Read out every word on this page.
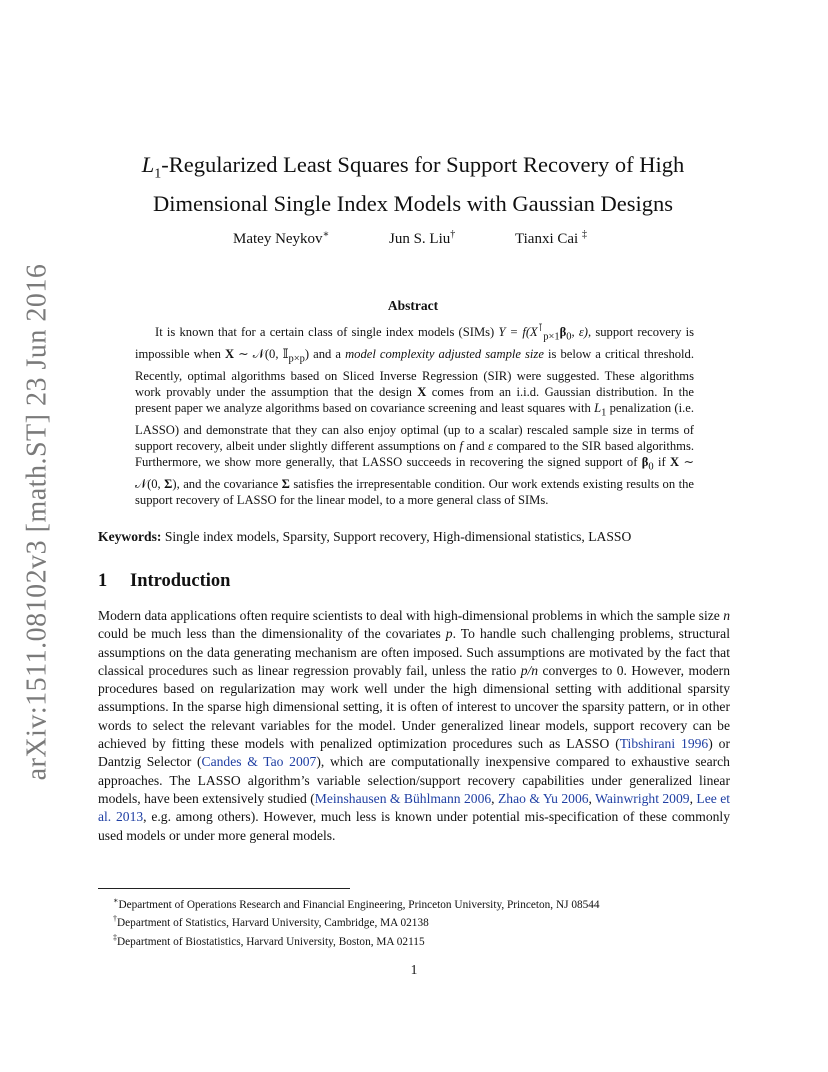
arXiv:1511.08102v3 [math.ST] 23 Jun 2016
$L_1$-Regularized Least Squares for Support Recovery of High
Dimensional Single Index Models with Gaussian Designs
Matey Neykov∗	Jun S. Liu†	Tianxi Cai ‡
Abstract

It is known that for a certain class of single index models (SIMs) $Y = f(X^⊺_{p\times 1}\beta_0$, ε), support recovery is impossible when X ∼ 𝒩(0, 𝕀$_{p\times p}$) and a model complexity adjusted sample size is below a critical threshold. Recently, optimal algorithms based on Sliced Inverse Regression (SIR) were suggested. These algorithms work provably under the assumption that the design X comes from an i.i.d. Gaussian distribution. In the present paper we analyze algorithms based on covariance screening and least squares with $L_1$ penalization (i.e. LASSO) and demonstrate that they can also enjoy optimal (up to a scalar) rescaled sample size in terms of support recovery, albeit under slightly different assumptions on f and ε compared to the SIR based algorithms. Furthermore, we show more generally, that LASSO succeeds in recovering the signed support of $\beta_0$ if X ∼ 𝒩(0, Σ), and the covariance Σ satisfies the irrepresentable condition. Our work extends existing results on the support recovery of LASSO for the linear model, to a more general class of SIMs.

Keywords: Single index models, Sparsity, Support recovery, High-dimensional statistics, LASSO

1 Introduction

Modern data applications often require scientists to deal with high-dimensional problems in which the sample size n could be much less than the dimensionality of the covariates p. To handle such challenging problems, structural assumptions on the data generating mechanism are often imposed. Such assumptions are motivated by the fact that classical procedures such as linear regression provably fail, unless the ratio p/n converges to 0. However, modern procedures based on regularization may work well under the high dimensional setting with additional sparsity assumptions. In the sparse high dimensional setting, it is often of interest to uncover the sparsity pattern, or in other words to select the relevant variables for the model. Under generalized linear models, support recovery can be achieved by fitting these models with penalized optimization procedures such as LASSO (Tibshirani 1996) or Dantzig Selector (Candes & Tao 2007), which are computationally inexpensive compared to exhaustive search approaches. The LASSO algorithm’s variable selection/support recovery capabilities under generalized linear models, have been extensively studied (Meinshausen & Bühlmann 2006, Zhao & Yu 2006, Wainwright 2009, Lee et al. 2013, e.g. among others). However, much less is known under potential mis-specification of these commonly used models or under more general models.

∗Department of Operations Research and Financial Engineering, Princeton University, Princeton, NJ 08544
†Department of Statistics, Harvard University, Cambridge, MA 02138
‡Department of Biostatistics, Harvard University, Boston, MA 02115
1
